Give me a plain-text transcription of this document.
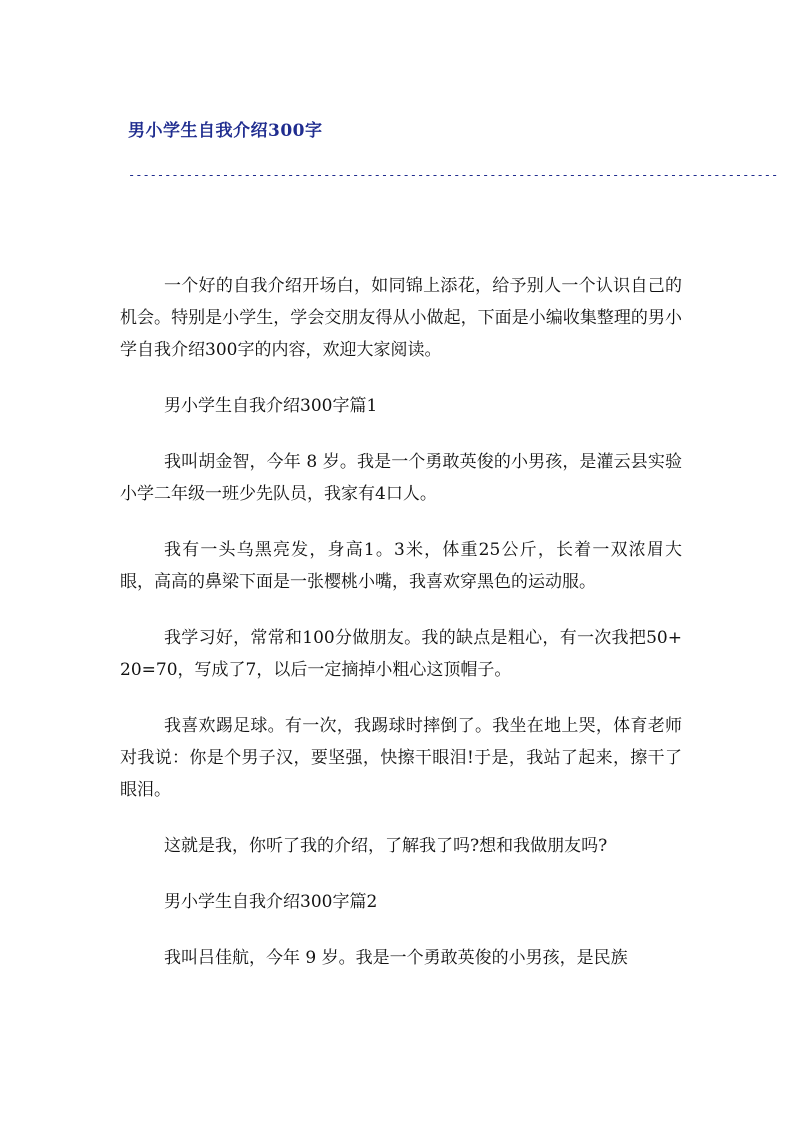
男小学生自我介绍300字
------------------------------------------------------------------------------------------

一个好的自我介绍开场白，如同锦上添花，给予别人一个认识自己的机会。特别是小学生，学会交朋友得从小做起，下面是小编收集整理的男小学自我介绍300字的内容，欢迎大家阅读。

男小学生自我介绍300字篇1

我叫胡金智，今年 8 岁。我是一个勇敢英俊的小男孩，是灌云县实验小学二年级一班少先队员，我家有4口人。

我有一头乌黑亮发，身高1。3米，体重25公斤，长着一双浓眉大眼，高高的鼻梁下面是一张樱桃小嘴，我喜欢穿黑色的运动服。

我学习好，常常和100分做朋友。我的缺点是粗心，有一次我把50+20=70，写成了7，以后一定摘掉小粗心这顶帽子。

我喜欢踢足球。有一次，我踢球时摔倒了。我坐在地上哭，体育老师对我说：你是个男子汉，要坚强，快擦干眼泪!于是，我站了起来，擦干了眼泪。

这就是我，你听了我的介绍，了解我了吗?想和我做朋友吗?

男小学生自我介绍300字篇2

我叫吕佳航，今年 9 岁。我是一个勇敢英俊的小男孩，是民族
